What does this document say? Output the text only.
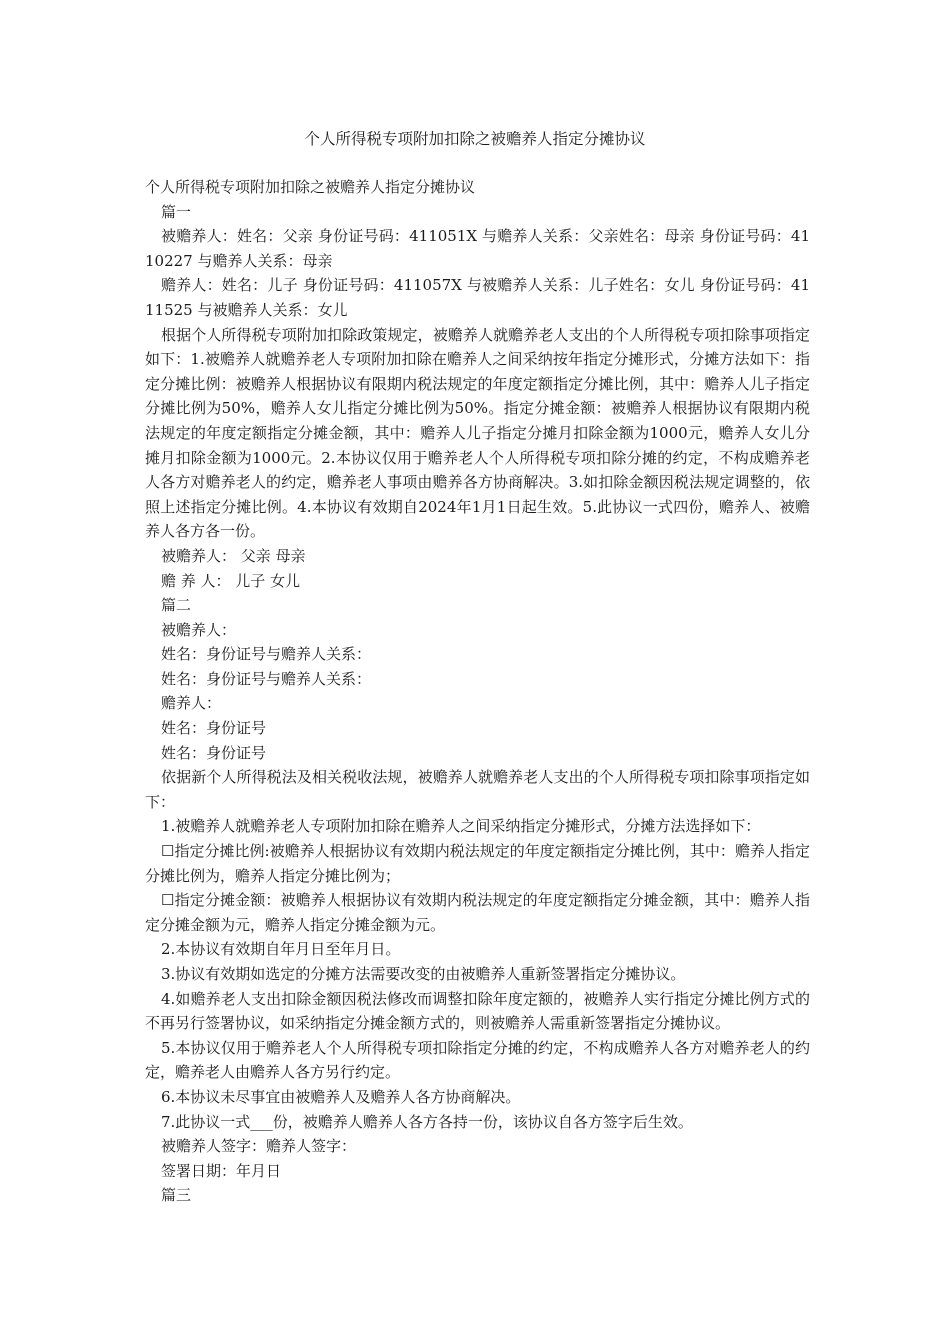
个人所得税专项附加扣除之被赡养人指定分摊协议

个人所得税专项附加扣除之被赡养人指定分摊协议

篇一

被赡养人：姓名：父亲 身份证号码：411051X 与赡养人关系：父亲姓名：母亲 身份证号码：4110227 与赡养人关系：母亲

赡养人：姓名：儿子 身份证号码：411057X 与被赡养人关系：儿子姓名：女儿 身份证号码：4111525 与被赡养人关系：女儿

根据个人所得税专项附加扣除政策规定，被赡养人就赡养老人支出的个人所得税专项扣除事项指定如下：1.被赡养人就赡养老人专项附加扣除在赡养人之间采纳按年指定分摊形式，分摊方法如下：指定分摊比例：被赡养人根据协议有限期内税法规定的年度定额指定分摊比例，其中：赡养人儿子指定分摊比例为50%，赡养人女儿指定分摊比例为50%。指定分摊金额：被赡养人根据协议有限期内税法规定的年度定额指定分摊金额，其中：赡养人儿子指定分摊月扣除金额为1000元，赡养人女儿分摊月扣除金额为1000元。2.本协议仅用于赡养老人个人所得税专项扣除分摊的约定，不构成赡养老人各方对赡养老人的约定，赡养老人事项由赡养各方协商解决。3.如扣除金额因税法规定调整的，依照上述指定分摊比例。4.本协议有效期自2024年1月1日起生效。5.此协议一式四份，赡养人、被赡养人各方各一份。

被赡养人： 父亲 母亲

赡 养 人： 儿子 女儿

篇二

被赡养人：

姓名：身份证号与赡养人关系：

姓名：身份证号与赡养人关系：

赡养人：

姓名：身份证号

姓名：身份证号

依据新个人所得税法及相关税收法规，被赡养人就赡养老人支出的个人所得税专项扣除事项指定如下：

1.被赡养人就赡养老人专项附加扣除在赡养人之间采纳指定分摊形式，分摊方法选择如下：

☐指定分摊比例:被赡养人根据协议有效期内税法规定的年度定额指定分摊比例，其中：赡养人指定分摊比例为，赡养人指定分摊比例为；

☐指定分摊金额：被赡养人根据协议有效期内税法规定的年度定额指定分摊金额，其中：赡养人指定分摊金额为元，赡养人指定分摊金额为元。

2.本协议有效期自年月日至年月日。

3.协议有效期如选定的分摊方法需要改变的由被赡养人重新签署指定分摊协议。

4.如赡养老人支出扣除金额因税法修改而调整扣除年度定额的，被赡养人实行指定分摊比例方式的不再另行签署协议，如采纳指定分摊金额方式的，则被赡养人需重新签署指定分摊协议。

5.本协议仅用于赡养老人个人所得税专项扣除指定分摊的约定，不构成赡养人各方对赡养老人的约定，赡养老人由赡养人各方另行约定。

6.本协议未尽事宜由被赡养人及赡养人各方协商解决。

7.此协议一式___份，被赡养人赡养人各方各持一份，该协议自各方签字后生效。

被赡养人签字：赡养人签字：

签署日期：年月日

篇三
